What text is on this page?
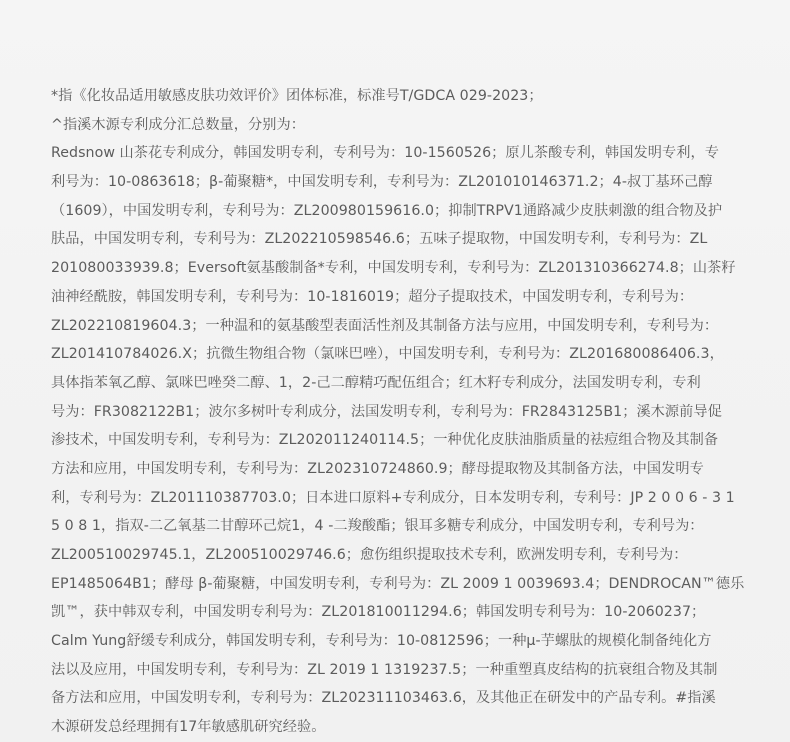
*指《化妆品适用敏感皮肤功效评价》团体标准，标准号T/GDCA 029-2023；
^指溪木源专利成分汇总数量，分别为：
Redsnow 山茶花专利成分，韩国发明专利，专利号为：10-1560526；原儿茶酸专利，韩国发明专利，专
利号为：10-0863618；β-葡聚糖*，中国发明专利，专利号为：ZL201010146371.2；4-叔丁基环己醇
（1609），中国发明专利，专利号为：ZL200980159616.0；抑制TRPV1通路减少皮肤刺激的组合物及护
肤品，中国发明专利，专利号为：ZL202210598546.6；五味子提取物，中国发明专利，专利号为：ZL
201080033939.8；Eversoft氨基酸制备*专利，中国发明专利，专利号为：ZL201310366274.8；山茶籽
油神经酰胺，韩国发明专利，专利号为：10-1816019；超分子提取技术，中国发明专利，专利号为：
ZL202210819604.3；一种温和的氨基酸型表面活性剂及其制备方法与应用，中国发明专利，专利号为：
ZL201410784026.X；抗微生物组合物（氯咪巴唑），中国发明专利，专利号为：ZL201680086406.3，
具体指苯氧乙醇、氯咪巴唑癸二醇、1，2-己二醇精巧配伍组合；红木籽专利成分，法国发明专利，专利
号为：FR3082122B1；波尔多树叶专利成分，法国发明专利，专利号为：FR2843125B1；溪木源前导促
渗技术，中国发明专利，专利号为：ZL202011240114.5；一种优化皮肤油脂质量的祛痘组合物及其制备
方法和应用，中国发明专利，专利号为：ZL202310724860.9；酵母提取物及其制备方法，中国发明专
利，专利号为：ZL201110387703.0；日本进口原料+专利成分，日本发明专利，专利号：JP 2 0 0 6 - 3 1
5 0 8 1，指双-二乙氧基二甘醇环己烷1，4 -二羧酸酯；银耳多糖专利成分，中国发明专利，专利号为：
ZL200510029745.1，ZL200510029746.6；愈伤组织提取技术专利，欧洲发明专利，专利号为：
EP1485064B1；酵母 β-葡聚糖，中国发明专利，专利号为：ZL 2009 1 0039693.4；DENDROCAN™德乐
凯™，获中韩双专利，中国发明专利号为：ZL201810011294.6；韩国发明专利号为：10-2060237；
Calm Yung舒缓专利成分，韩国发明专利，专利号为：10-0812596；一种μ-芋螺肽的规模化制备纯化方
法以及应用，中国发明专利，专利号为：ZL 2019 1 1319237.5；一种重塑真皮结构的抗衰组合物及其制
备方法和应用，中国发明专利，专利号为：ZL202311103463.6，及其他正在研发中的产品专利。#指溪
木源研发总经理拥有17年敏感肌研究经验。
